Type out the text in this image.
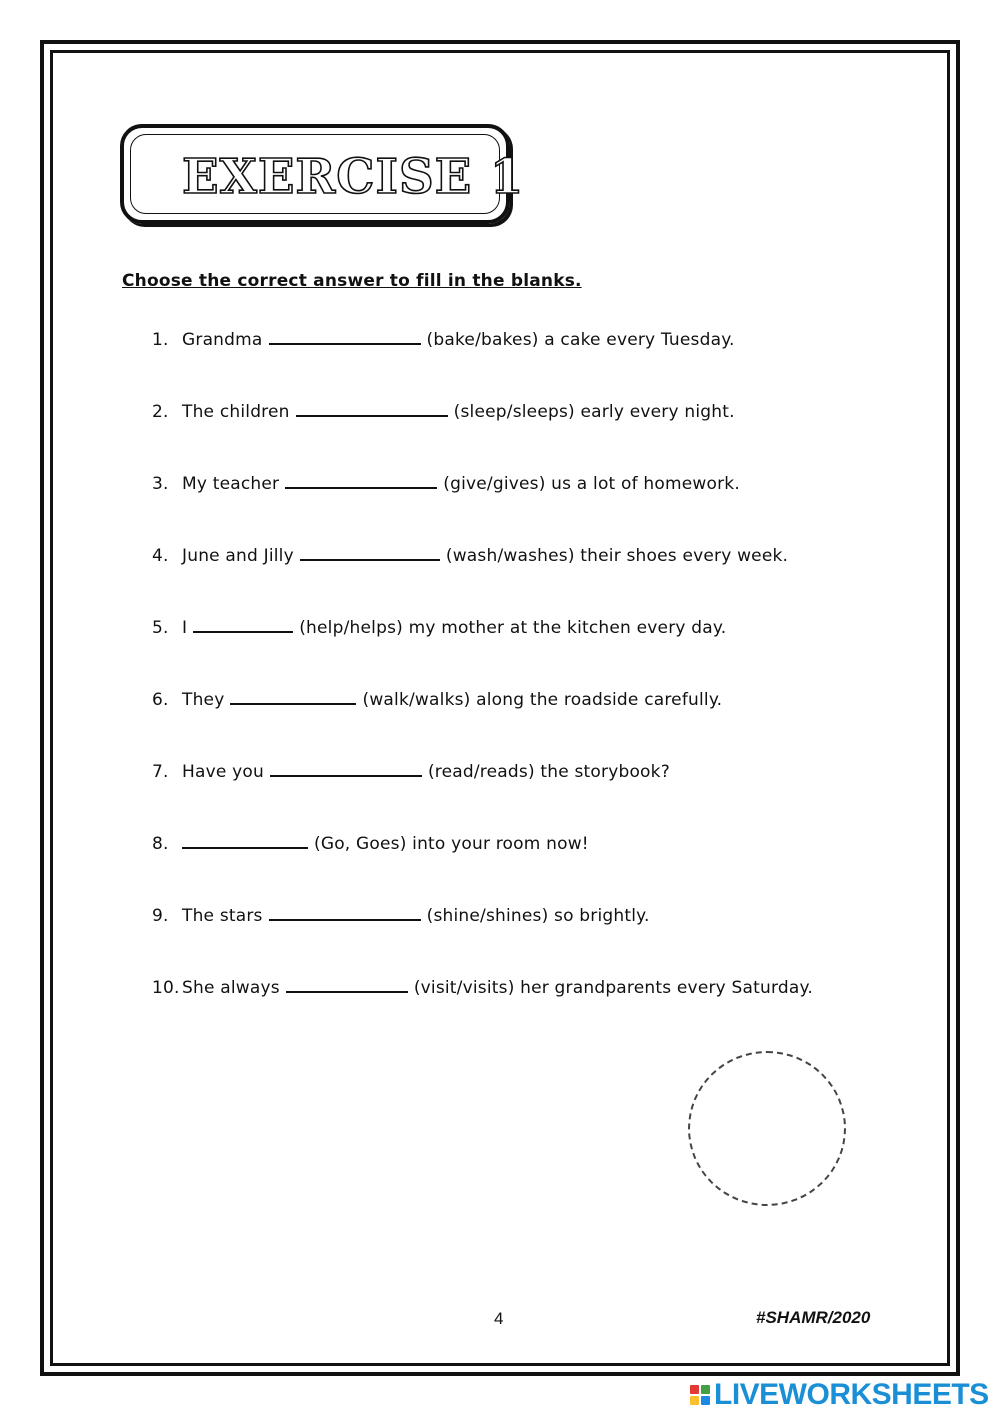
EXERCISE 1
Choose the correct answer to fill in the blanks.
1. Grandma	(bake/bakes) a cake every Tuesday.
2. The children	(sleep/sleeps) early every night.
3. My teacher	(give/gives) us a lot of homework.
4. June and Jilly	(wash/washes) their shoes every week.
5. I	(help/helps) my mother at the kitchen every day.
6. They	(walk/walks) along the roadside carefully.
7. Have you	(read/reads) the storybook?
8.	(Go, Goes) into your room now!
9. The stars	(shine/shines) so brightly.
10. She always	(visit/visits) her grandparents every Saturday.
4	#SHAMR/2020
LIVEWORKSHEETS
